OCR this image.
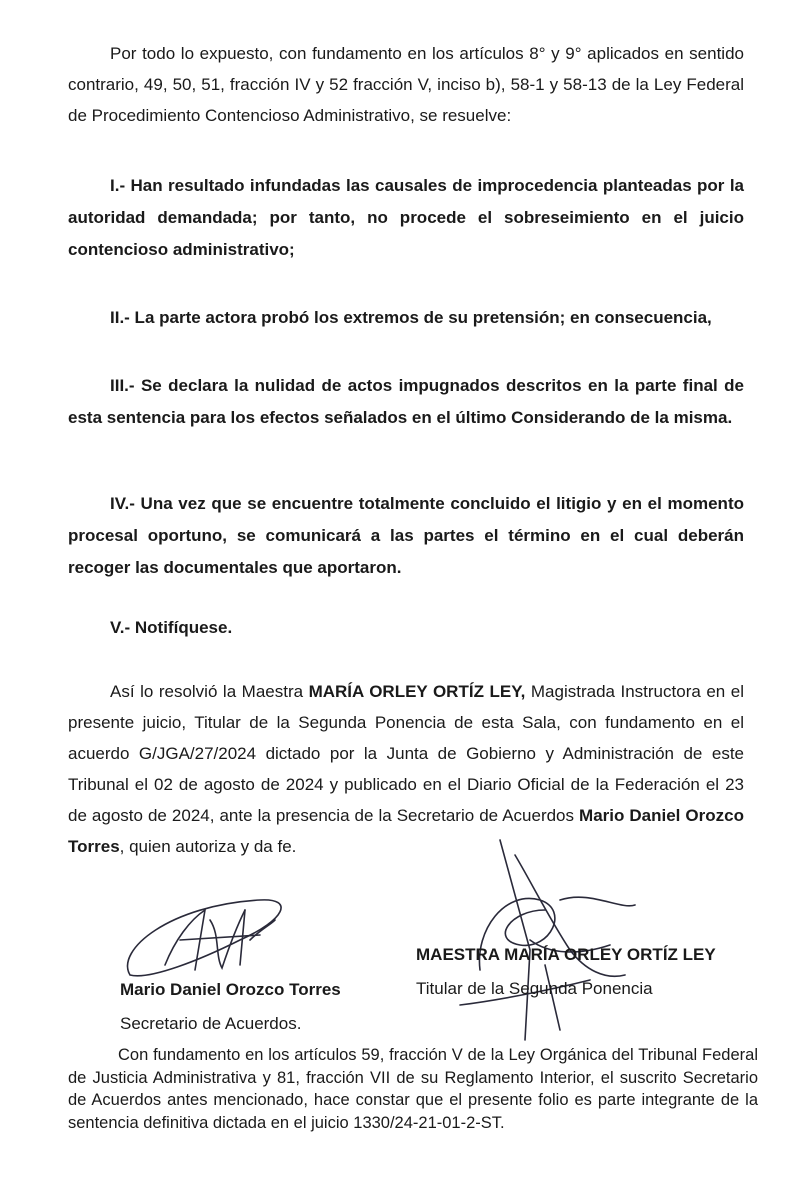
Por todo lo expuesto, con fundamento en los artículos 8° y 9° aplicados en sentido contrario, 49, 50, 51, fracción IV y 52 fracción V, inciso b), 58-1 y 58-13 de la Ley Federal de Procedimiento Contencioso Administrativo, se resuelve:

I.- Han resultado infundadas las causales de improcedencia planteadas por la autoridad demandada; por tanto, no procede el sobreseimiento en el juicio contencioso administrativo;

II.- La parte actora probó los extremos de su pretensión; en consecuencia,

III.- Se declara la nulidad de actos impugnados descritos en la parte final de esta sentencia para los efectos señalados en el último Considerando de la misma.

IV.- Una vez que se encuentre totalmente concluido el litigio y en el momento procesal oportuno, se comunicará a las partes el término en el cual deberán recoger las documentales que aportaron.

V.- Notifíquese.

Así lo resolvió la Maestra MARÍA ORLEY ORTÍZ LEY, Magistrada Instructora en el presente juicio, Titular de la Segunda Ponencia de esta Sala, con fundamento en el acuerdo G/JGA/27/2024 dictado por la Junta de Gobierno y Administración de este Tribunal el 02 de agosto de 2024 y publicado en el Diario Oficial de la Federación el 23 de agosto de 2024, ante la presencia de la Secretario de Acuerdos Mario Daniel Orozco Torres, quien autoriza y da fe.

Mario Daniel Orozco Torres
Secretario de Acuerdos.
MAESTRA MARÍA ORLEY ORTÍZ LEY
Titular de la Segunda Ponencia

Con fundamento en los artículos 59, fracción V de la Ley Orgánica del Tribunal Federal de Justicia Administrativa y 81, fracción VII de su Reglamento Interior, el suscrito Secretario de Acuerdos antes mencionado, hace constar que el presente folio es parte integrante de la sentencia definitiva dictada en el juicio 1330/24-21-01-2-ST.
